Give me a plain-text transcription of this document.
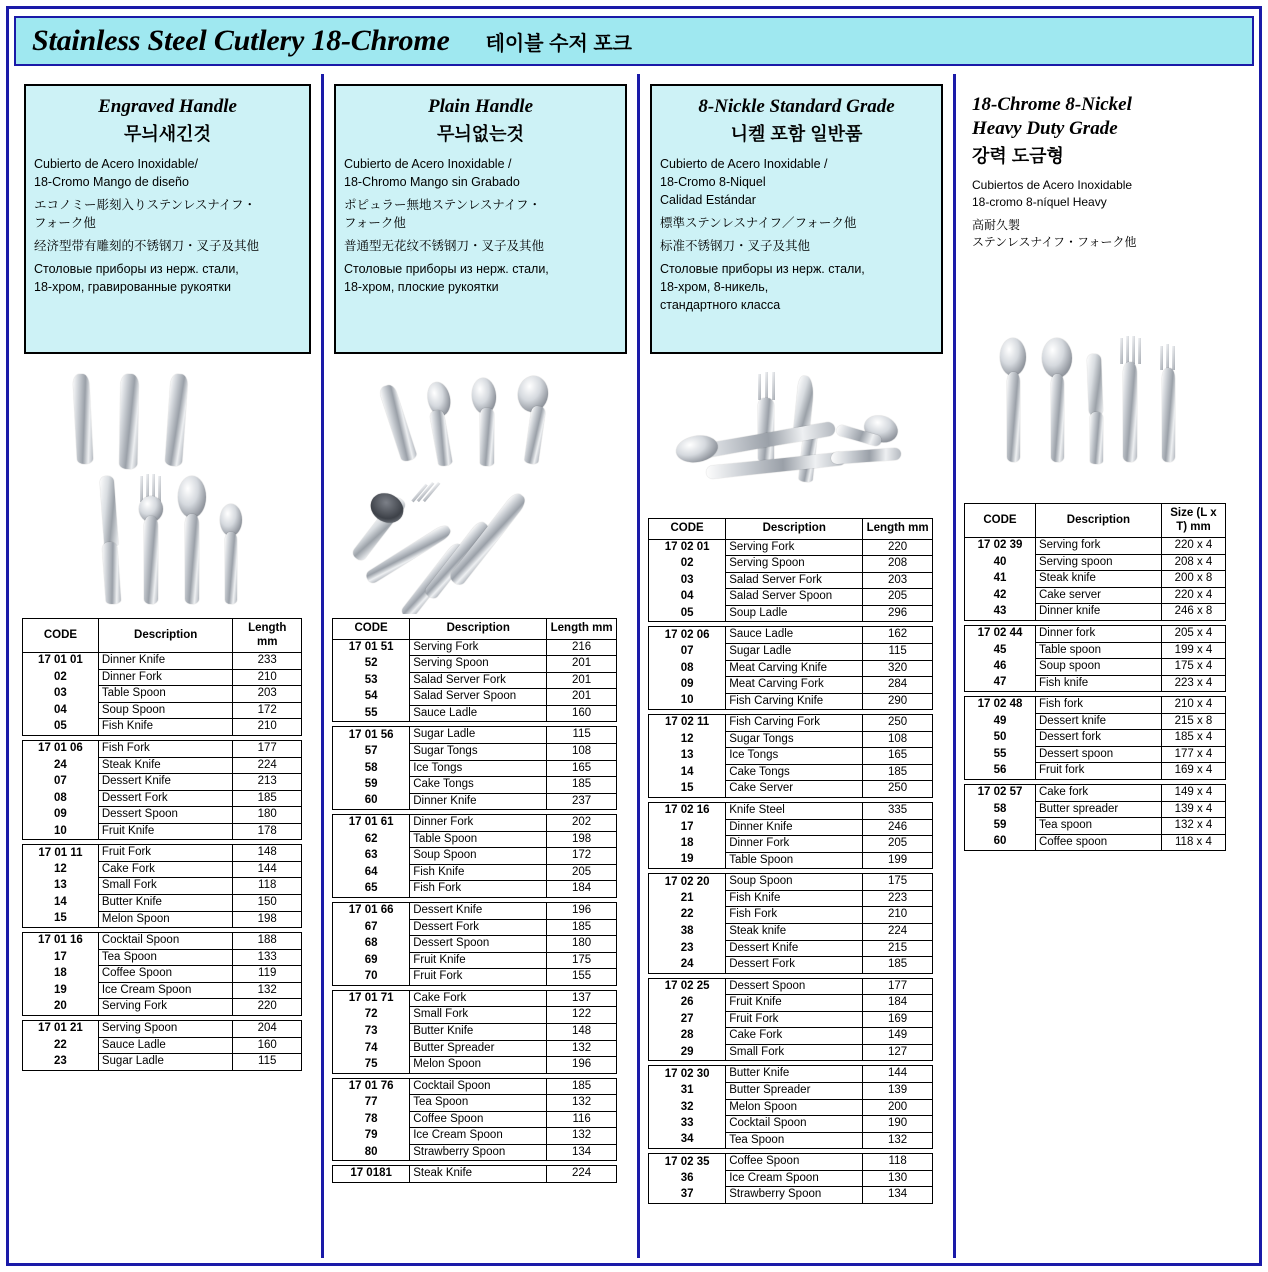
Stainless Steel Cutlery 18-Chrome 테이블 수저 포크
Engraved Handle
무늬새긴것

Cubierto de Acero Inoxidable/

18-Cromo Mango de diseño

エコノミー彫刻入りステンレスナイフ・

フォーク他

经济型带有雕刻的不锈钢刀・叉子及其他

Столовые приборы из нерж. стали,

18-хром, гравированные рукоятки

CODE	Description	Length mm
17 01 01	Dinner Knife	233
02	Dinner Fork	210
03	Table Spoon	203
04	Soup Spoon	172
05	Fish Knife	210

17 01 06	Fish Fork	177
24	Steak Knife	224
07	Dessert Knife	213
08	Dessert Fork	185
09	Dessert Spoon	180
10	Fruit Knife	178

17 01 11	Fruit Fork	148
12	Cake Fork	144
13	Small Fork	118
14	Butter Knife	150
15	Melon Spoon	198

17 01 16	Cocktail Spoon	188
17	Tea Spoon	133
18	Coffee Spoon	119
19	Ice Cream Spoon	132
20	Serving Fork	220

17 01 21	Serving Spoon	204
22	Sauce Ladle	160
23	Sugar Ladle	115
Plain Handle
무늬없는것

Cubierto de Acero Inoxidable /

18-Chromo Mango sin Grabado

ポピュラー無地ステンレスナイフ・

フォーク他

普通型无花纹不锈钢刀・叉子及其他

Столовые приборы из нерж. стали,

18-хром, плоские рукоятки

CODE	Description	Length mm
17 01 51	Serving Fork	216
52	Serving Spoon	201
53	Salad Server Fork	201
54	Salad Server Spoon	201
55	Sauce Ladle	160

17 01 56	Sugar Ladle	115
57	Sugar Tongs	108
58	Ice Tongs	165
59	Cake Tongs	185
60	Dinner Knife	237

17 01 61	Dinner Fork	202
62	Table Spoon	198
63	Soup Spoon	172
64	Fish Knife	205
65	Fish Fork	184

17 01 66	Dessert Knife	196
67	Dessert Fork	185
68	Dessert Spoon	180
69	Fruit Knife	175
70	Fruit Fork	155

17 01 71	Cake Fork	137
72	Small Fork	122
73	Butter Knife	148
74	Butter Spreader	132
75	Melon Spoon	196

17 01 76	Cocktail Spoon	185
77	Tea Spoon	132
78	Coffee Spoon	116
79	Ice Cream Spoon	132
80	Strawberry Spoon	134

17 0181	Steak Knife	224
8-Nickle Standard Grade
니켈 포함 일반품

Cubierto de Acero Inoxidable /

18-Cromo 8-Niquel

Calidad Estándar

標準ステンレスナイフ／フォーク他

标准不锈钢刀・叉子及其他

Столовые приборы из нерж. стали,

18-хром, 8-никель,

стандартного класса

CODE	Description	Length mm
17 02 01	Serving Fork	220
02	Serving Spoon	208
03	Salad Server Fork	203
04	Salad Server Spoon	205
05	Soup Ladle	296

17 02 06	Sauce Ladle	162
07	Sugar Ladle	115
08	Meat Carving Knife	320
09	Meat Carving Fork	284
10	Fish Carving Knife	290

17 02 11	Fish Carving Fork	250
12	Sugar Tongs	108
13	Ice Tongs	165
14	Cake Tongs	185
15	Cake Server	250

17 02 16	Knife Steel	335
17	Dinner Knife	246
18	Dinner Fork	205
19	Table Spoon	199

17 02 20	Soup Spoon	175
21	Fish Knife	223
22	Fish Fork	210
38	Steak knife	224
23	Dessert Knife	215
24	Dessert Fork	185

17 02 25	Dessert Spoon	177
26	Fruit Knife	184
27	Fruit Fork	169
28	Cake Fork	149
29	Small Fork	127

17 02 30	Butter Knife	144
31	Butter Spreader	139
32	Melon Spoon	200
33	Cocktail Spoon	190
34	Tea Spoon	132

17 02 35	Coffee Spoon	118
36	Ice Cream Spoon	130
37	Strawberry Spoon	134
18-Chrome 8-Nickel
Heavy Duty Grade
강력 도금형

Cubiertos de Acero Inoxidable

18-cromo 8-níquel Heavy

高耐久製

ステンレスナイフ・フォーク他

CODE	Description	Size (L x T) mm
17 02 39	Serving fork	220 x 4
40	Serving spoon	208 x 4
41	Steak knife	200 x 8
42	Cake server	220 x 4
43	Dinner knife	246 x 8

17 02 44	Dinner fork	205 x 4
45	Table spoon	199 x 4
46	Soup spoon	175 x 4
47	Fish knife	223 x 4

17 02 48	Fish fork	210 x 4
49	Dessert knife	215 x 8
50	Dessert fork	185 x 4
55	Dessert spoon	177 x 4
56	Fruit fork	169 x 4

17 02 57	Cake fork	149 x 4
58	Butter spreader	139 x 4
59	Tea spoon	132 x 4
60	Coffee spoon	118 x 4
